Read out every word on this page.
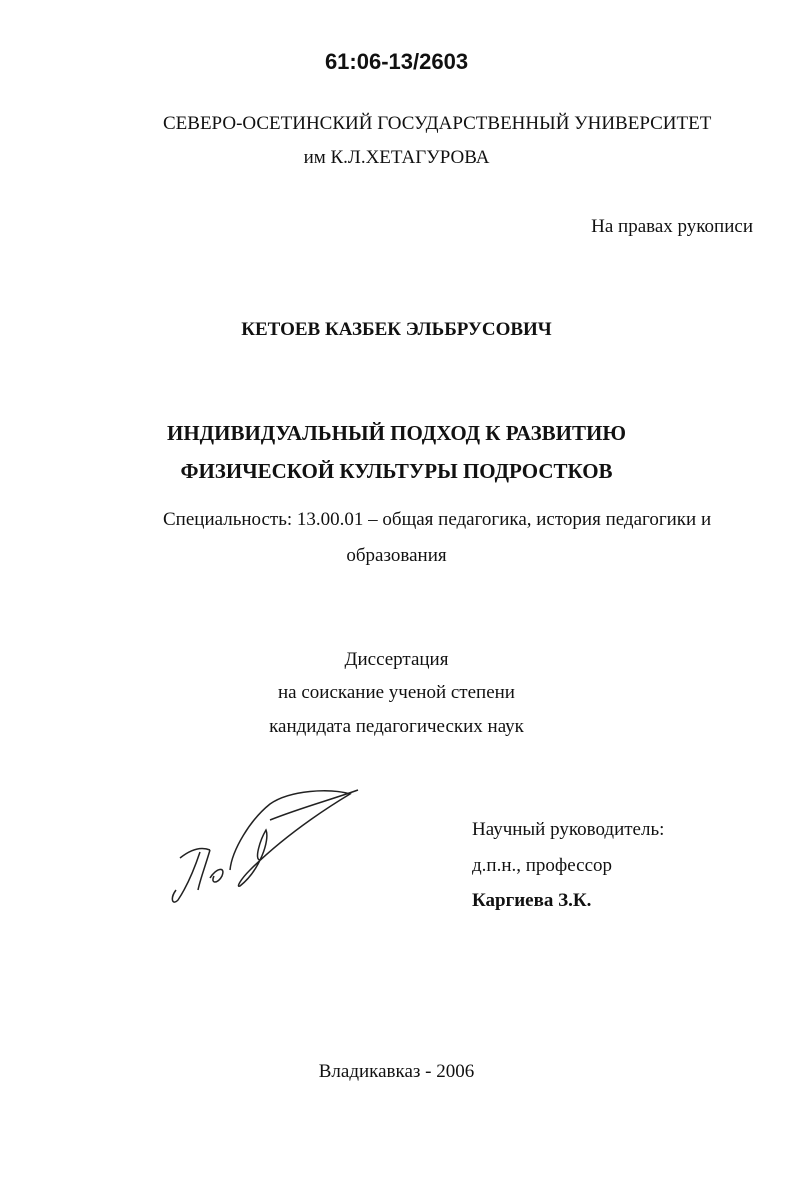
61:06-13/2603
СЕВЕРО-ОСЕТИНСКИЙ ГОСУДАРСТВЕННЫЙ УНИВЕРСИТЕТ
им К.Л.ХЕТАГУРОВА
На правах рукописи
КЕТОЕВ КАЗБЕК ЭЛЬБРУСОВИЧ
ИНДИВИДУАЛЬНЫЙ ПОДХОД К РАЗВИТИЮ
ФИЗИЧЕСКОЙ КУЛЬТУРЫ ПОДРОСТКОВ
Специальность: 13.00.01 – общая педагогика, история педагогики и
образования
Диссертация
на соискание ученой степени
кандидата педагогических наук
Научный руководитель:
д.п.н., профессор
Каргиева З.К.
Владикавказ - 2006
